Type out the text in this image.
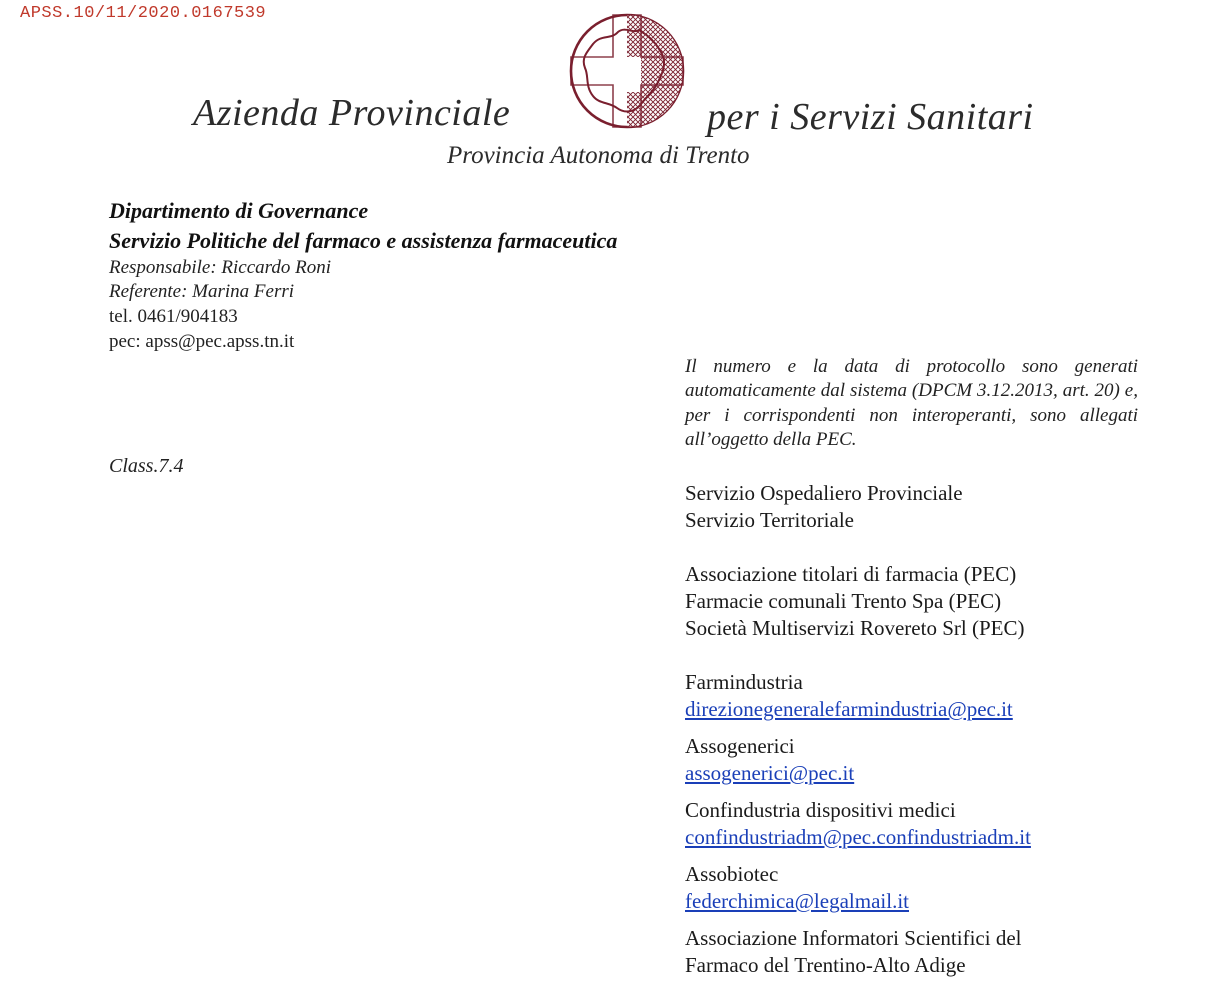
APSS.10/11/2020.0167539
Azienda Provinciale	per i Servizi Sanitari
Provincia Autonoma di Trento
Dipartimento di Governance
Servizio Politiche del farmaco e assistenza farmaceutica
Responsabile: Riccardo Roni
Referente: Marina Ferri
tel. 0461/904183
pec: apss@pec.apss.tn.it
Il numero e la data di protocollo sono generati automaticamente dal sistema (DPCM 3.12.2013, art. 20) e, per i corrispondenti non interoperanti, sono allegati all’oggetto della PEC.
Class.7.4
Servizio Ospedaliero Provinciale
Servizio Territoriale
Associazione titolari di farmacia (PEC)
Farmacie comunali Trento Spa (PEC)
Società Multiservizi Rovereto Srl (PEC)
Farmindustria
direzionegeneralefarmindustria@pec.it
Assogenerici
assogenerici@pec.it
Confindustria dispositivi medici
confindustriadm@pec.confindustriadm.it
Assobiotec
federchimica@legalmail.it
Associazione Informatori Scientifici del
Farmaco del Trentino-Alto Adige
